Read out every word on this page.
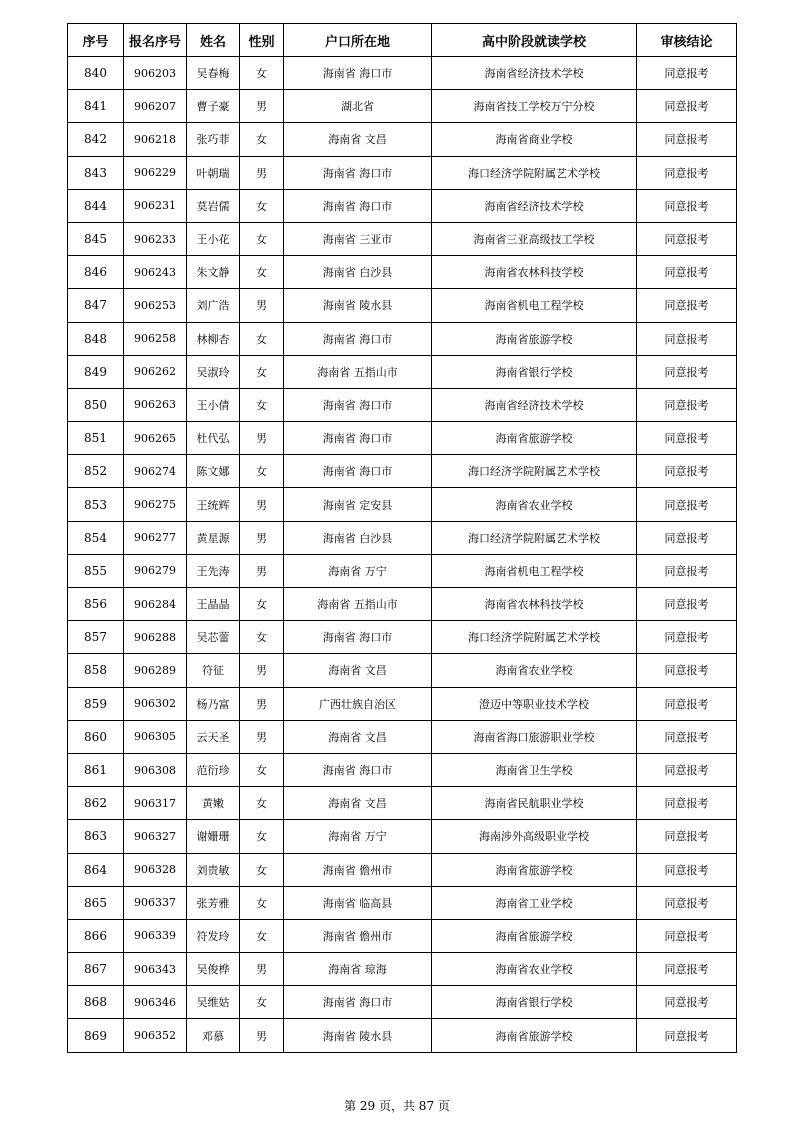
序号	报名序号	姓名	性别	户口所在地	高中阶段就读学校	审核结论
840	906203	吴春梅	女	海南省 海口市	海南省经济技术学校	同意报考
841	906207	曹子豪	男	湖北省	海南省技工学校万宁分校	同意报考
842	906218	张巧菲	女	海南省 文昌	海南省商业学校	同意报考
843	906229	叶朝瑞	男	海南省 海口市	海口经济学院附属艺术学校	同意报考
844	906231	莫岩儒	女	海南省 海口市	海南省经济技术学校	同意报考
845	906233	王小花	女	海南省 三亚市	海南省三亚高级技工学校	同意报考
846	906243	朱文静	女	海南省 白沙县	海南省农林科技学校	同意报考
847	906253	刘广浩	男	海南省 陵水县	海南省机电工程学校	同意报考
848	906258	林柳杏	女	海南省 海口市	海南省旅游学校	同意报考
849	906262	吴淑玲	女	海南省 五指山市	海南省银行学校	同意报考
850	906263	王小倩	女	海南省 海口市	海南省经济技术学校	同意报考
851	906265	杜代弘	男	海南省 海口市	海南省旅游学校	同意报考
852	906274	陈文娜	女	海南省 海口市	海口经济学院附属艺术学校	同意报考
853	906275	王统辉	男	海南省 定安县	海南省农业学校	同意报考
854	906277	黄星源	男	海南省 白沙县	海口经济学院附属艺术学校	同意报考
855	906279	王先涛	男	海南省 万宁	海南省机电工程学校	同意报考
856	906284	王晶晶	女	海南省 五指山市	海南省农林科技学校	同意报考
857	906288	吴芯蕾	女	海南省 海口市	海口经济学院附属艺术学校	同意报考
858	906289	符征	男	海南省 文昌	海南省农业学校	同意报考
859	906302	杨乃富	男	广西壮族自治区	澄迈中等职业技术学校	同意报考
860	906305	云天圣	男	海南省 文昌	海南省海口旅游职业学校	同意报考
861	906308	范衍珍	女	海南省 海口市	海南省卫生学校	同意报考
862	906317	黄嫩	女	海南省 文昌	海南省民航职业学校	同意报考
863	906327	谢姗珊	女	海南省 万宁	海南涉外高级职业学校	同意报考
864	906328	刘贵敏	女	海南省 儋州市	海南省旅游学校	同意报考
865	906337	张芳雅	女	海南省 临高县	海南省工业学校	同意报考
866	906339	符发玲	女	海南省 儋州市	海南省旅游学校	同意报考
867	906343	吴俊桦	男	海南省 琼海	海南省农业学校	同意报考
868	906346	吴维姑	女	海南省 海口市	海南省银行学校	同意报考
869	906352	邓慕	男	海南省 陵水县	海南省旅游学校	同意报考
第 29 页，共 87 页
